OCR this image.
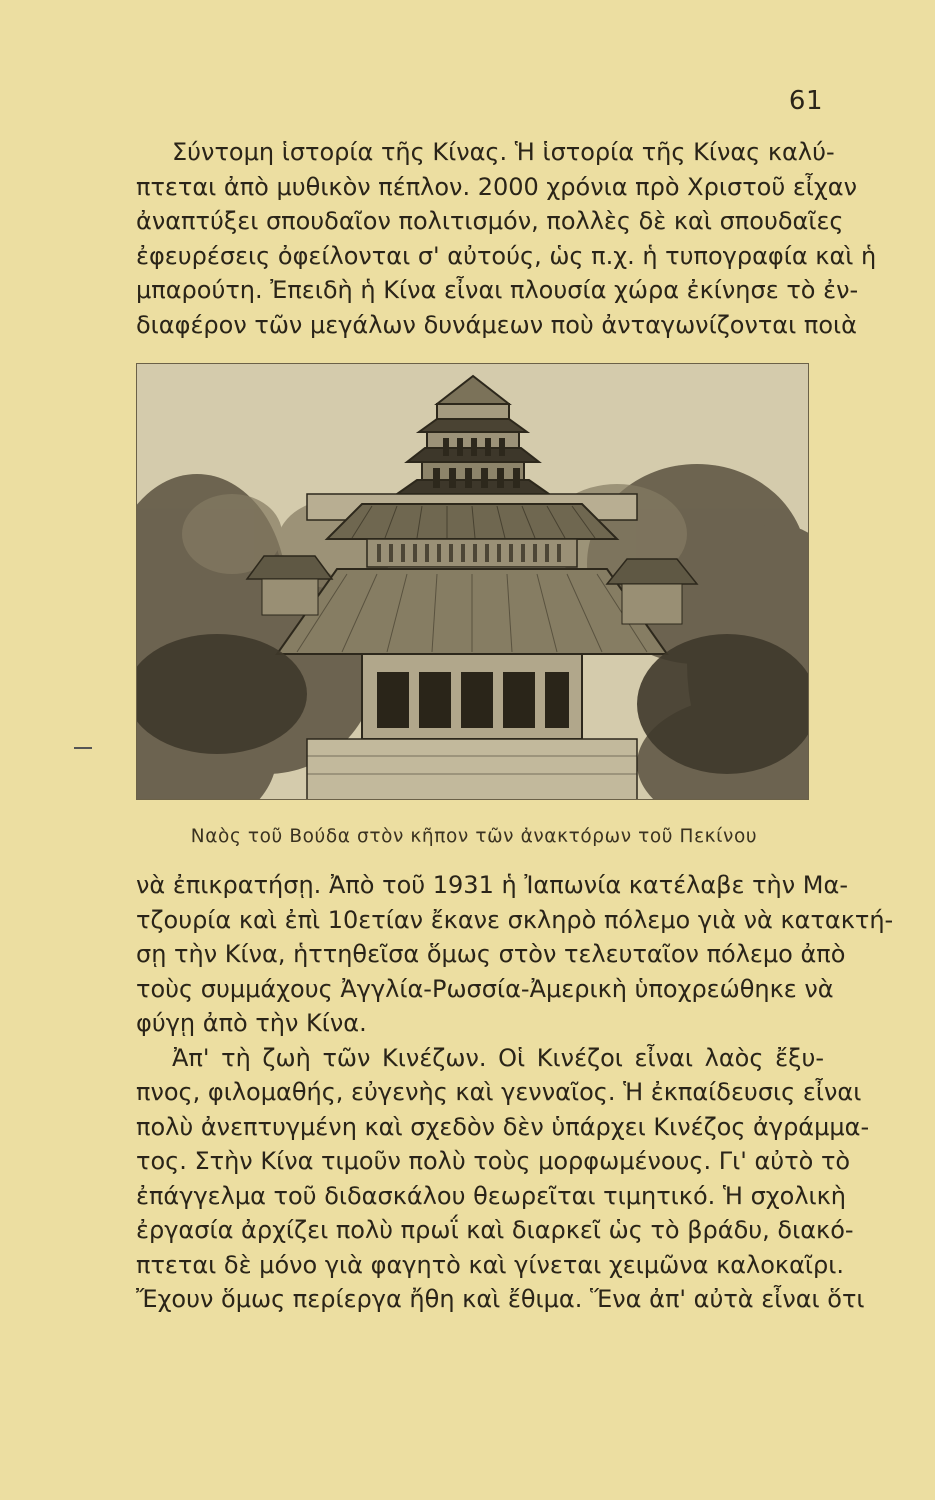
61
Σύντομη ἱστορία τῆς Κίνας. Ἡ ἱστορία τῆς Κίνας καλύ-
πτεται ἀπὸ μυθικὸν πέπλον. 2000 χρόνια πρὸ Χριστοῦ εἶχαν
ἀναπτύξει σπουδαῖον πολιτισμόν, πολλὲς δὲ καὶ σπουδαῖες
ἐφευρέσεις ὀφείλονται σ' αὐτούς, ὡς π.χ. ἡ τυπογραφία καὶ ἡ
μπαρούτη. Ἐπειδὴ ἡ Κίνα εἶναι πλουσία χώρα ἐκίνησε τὸ ἐν-
διαφέρον τῶν μεγάλων δυνάμεων ποὺ ἀνταγωνίζονται ποιὰ
Ναὸς τοῦ Βούδα στὸν κῆπον τῶν ἀνακτόρων τοῦ Πεκίνου
νὰ ἐπικρατήσῃ. Ἀπὸ τοῦ 1931 ἡ Ἰαπωνία κατέλαβε τὴν Μα-
τζουρία καὶ ἐπὶ 10ετίαν ἔκανε σκληρὸ πόλεμο γιὰ νὰ κατακτή-
σῃ τὴν Κίνα, ἡττηθεῖσα ὅμως στὸν τελευταῖον πόλεμο ἀπὸ
τοὺς συμμάχους Ἀγγλία-Ρωσσία-Ἀμερικὴ ὑποχρεώθηκε νὰ
φύγῃ ἀπὸ τὴν Κίνα.
Ἀπ' τὴ ζωὴ τῶν Κινέζων. Οἱ Κινέζοι εἶναι λαὸς ἔξυ-
πνος, φιλομαθής, εὐγενὴς καὶ γενναῖος. Ἡ ἐκπαίδευσις εἶναι
πολὺ ἀνεπτυγμένη καὶ σχεδὸν δὲν ὑπάρχει Κινέζος ἀγράμμα-
τος. Στὴν Κίνα τιμοῦν πολὺ τοὺς μορφωμένους. Γι' αὐτὸ τὸ
ἐπάγγελμα τοῦ διδασκάλου θεωρεῖται τιμητικό. Ἡ σχολικὴ
ἐργασία ἀρχίζει πολὺ πρωΐ καὶ διαρκεῖ ὡς τὸ βράδυ, διακό-
πτεται δὲ μόνο γιὰ φαγητὸ καὶ γίνεται χειμῶνα καλοκαῖρι.
Ἔχουν ὅμως περίεργα ἤθη καὶ ἔθιμα. Ἕνα ἀπ' αὐτὰ εἶναι ὅτι
